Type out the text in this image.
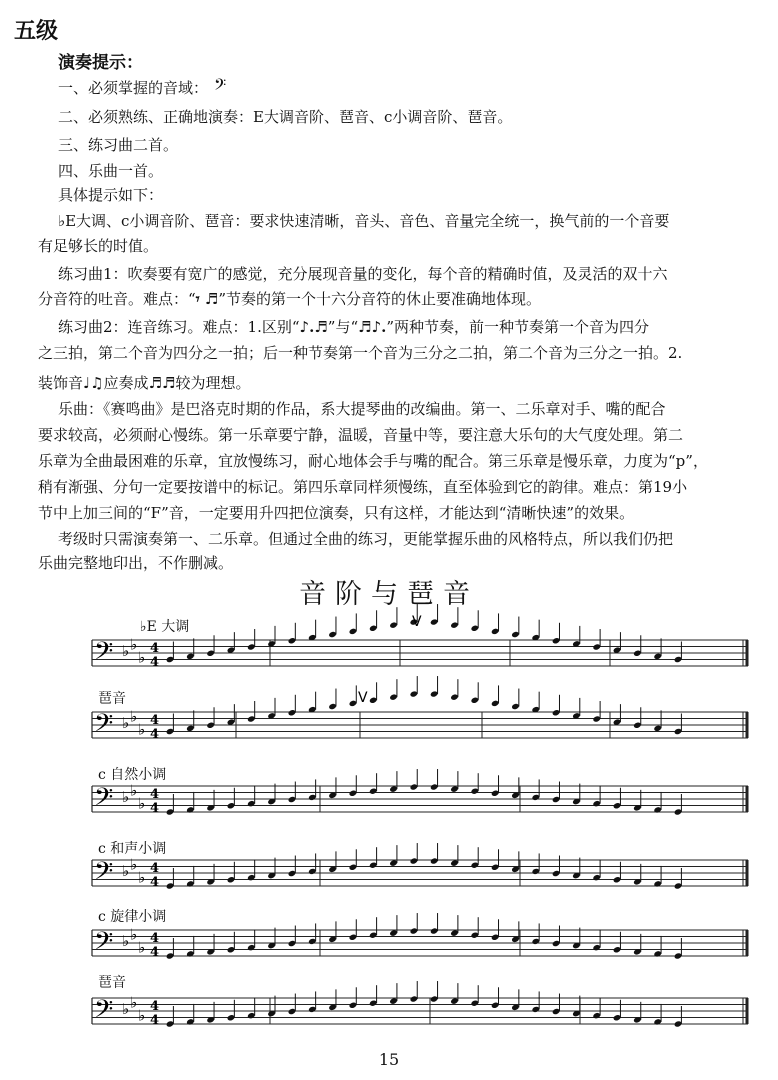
五级
演奏提示：
一、必须掌握的音域： 𝄢
二、必须熟练、正确地演奏：E大调音阶、琶音、c小调音阶、琶音。
三、练习曲二首。
四、乐曲一首。
具体提示如下：
♭E大调、c小调音阶、琶音：要求快速清晰，音头、音色、音量完全统一，换气前的一个音要
有足够长的时值。
练习曲1：吹奏要有宽广的感觉，充分展现音量的变化，每个音的精确时值，及灵活的双十六
分音符的吐音。难点：“𝄾 ♬”节奏的第一个十六分音符的休止要准确地体现。
练习曲2：连音练习。难点：1.区别“♪.♬”与“♬♪.”两种节奏，前一种节奏第一个音为四分
之三拍，第二个音为四分之一拍；后一种节奏第一个音为三分之二拍，第二个音为三分之一拍。2.
装饰音♩♫应奏成♬♬较为理想。
乐曲：《赛鸣曲》是巴洛克时期的作品，系大提琴曲的改编曲。第一、二乐章对手、嘴的配合
要求较高，必须耐心慢练。第一乐章要宁静，温暖，音量中等，要注意大乐句的大气度处理。第二
乐章为全曲最困难的乐章，宜放慢练习，耐心地体会手与嘴的配合。第三乐章是慢乐章，力度为“p”，
稍有渐强、分句一定要按谱中的标记。第四乐章同样须慢练，直至体验到它的韵律。难点：第19小
节中上加三间的“F”音，一定要用升四把位演奏，只有这样，才能达到“清晰快速”的效果。
考级时只需演奏第一、二乐章。但通过全曲的练习，更能掌握乐曲的风格特点，所以我们仍把
乐曲完整地印出，不作删减。
音阶与琶音
♭E 大调
琶音
c 自然小调
c 和声小调
c 旋律小调
琶音
𝄢 ♭ ♭
♭ 4
4
𝄢 ♭ ♭
♭ 4
4
𝄢 ♭ ♭
♭ 4
4
𝄢 ♭ ♭
♭ 4
4
𝄢 ♭ ♭
♭ 4
4
𝄢 ♭ ♭
♭ 4
4
V
V
15
